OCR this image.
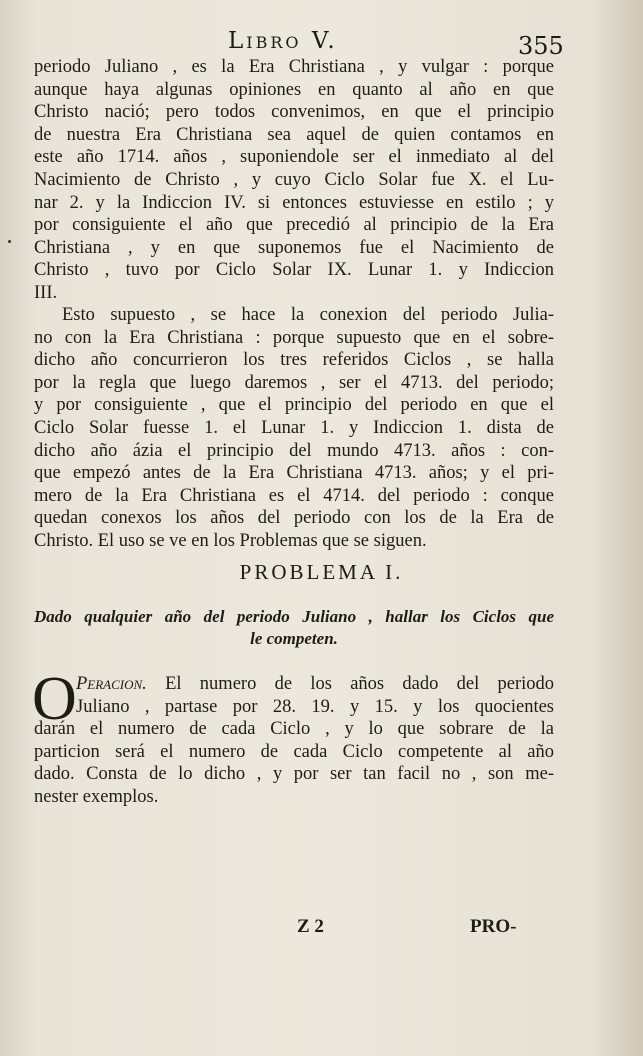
Libro V.	355
periodo Juliano , es la Era Christiana , y vulgar : porque
aunque haya algunas opiniones en quanto al año en que
Christo nació; pero todos convenimos, en que el principio
de nuestra Era Christiana sea aquel de quien contamos en
este año 1714. años , suponiendole ser el inmediato al del
Nacimiento de Christo , y cuyo Ciclo Solar fue X. el Lu-
nar 2. y la Indiccion IV. si entonces estuviesse en estilo ; y
por consiguiente el año que precedió al principio de la Era
Christiana , y en que suponemos fue el Nacimiento de
Christo , tuvo por Ciclo Solar IX. Lunar 1. y Indiccion
III.
Esto supuesto , se hace la conexion del periodo Julia-
no con la Era Christiana : porque supuesto que en el sobre-
dicho año concurrieron los tres referidos Ciclos , se halla
por la regla que luego daremos , ser el 4713. del periodo;
y por consiguiente , que el principio del periodo en que el
Ciclo Solar fuesse 1. el Lunar 1. y Indiccion 1. dista de
dicho año ázia el principio del mundo 4713. años : con-
que empezó antes de la Era Christiana 4713. años; y el pri-
mero de la Era Christiana es el 4714. del periodo : conque
quedan conexos los años del periodo con los de la Era de
Christo. El uso se ve en los Problemas que se siguen.
PROBLEMA I.
Dado qualquier año del periodo Juliano , hallar los Ciclos que
le competen.
O Peracion. El numero de los años dado del periodo
Juliano , partase por 28. 19. y 15. y los quocientes
darán el numero de cada Ciclo , y lo que sobrare de la
particion será el numero de cada Ciclo competente al año
dado. Consta de lo dicho , y por ser tan facil no , son me-
nester exemplos.
Z 2	PRO-
